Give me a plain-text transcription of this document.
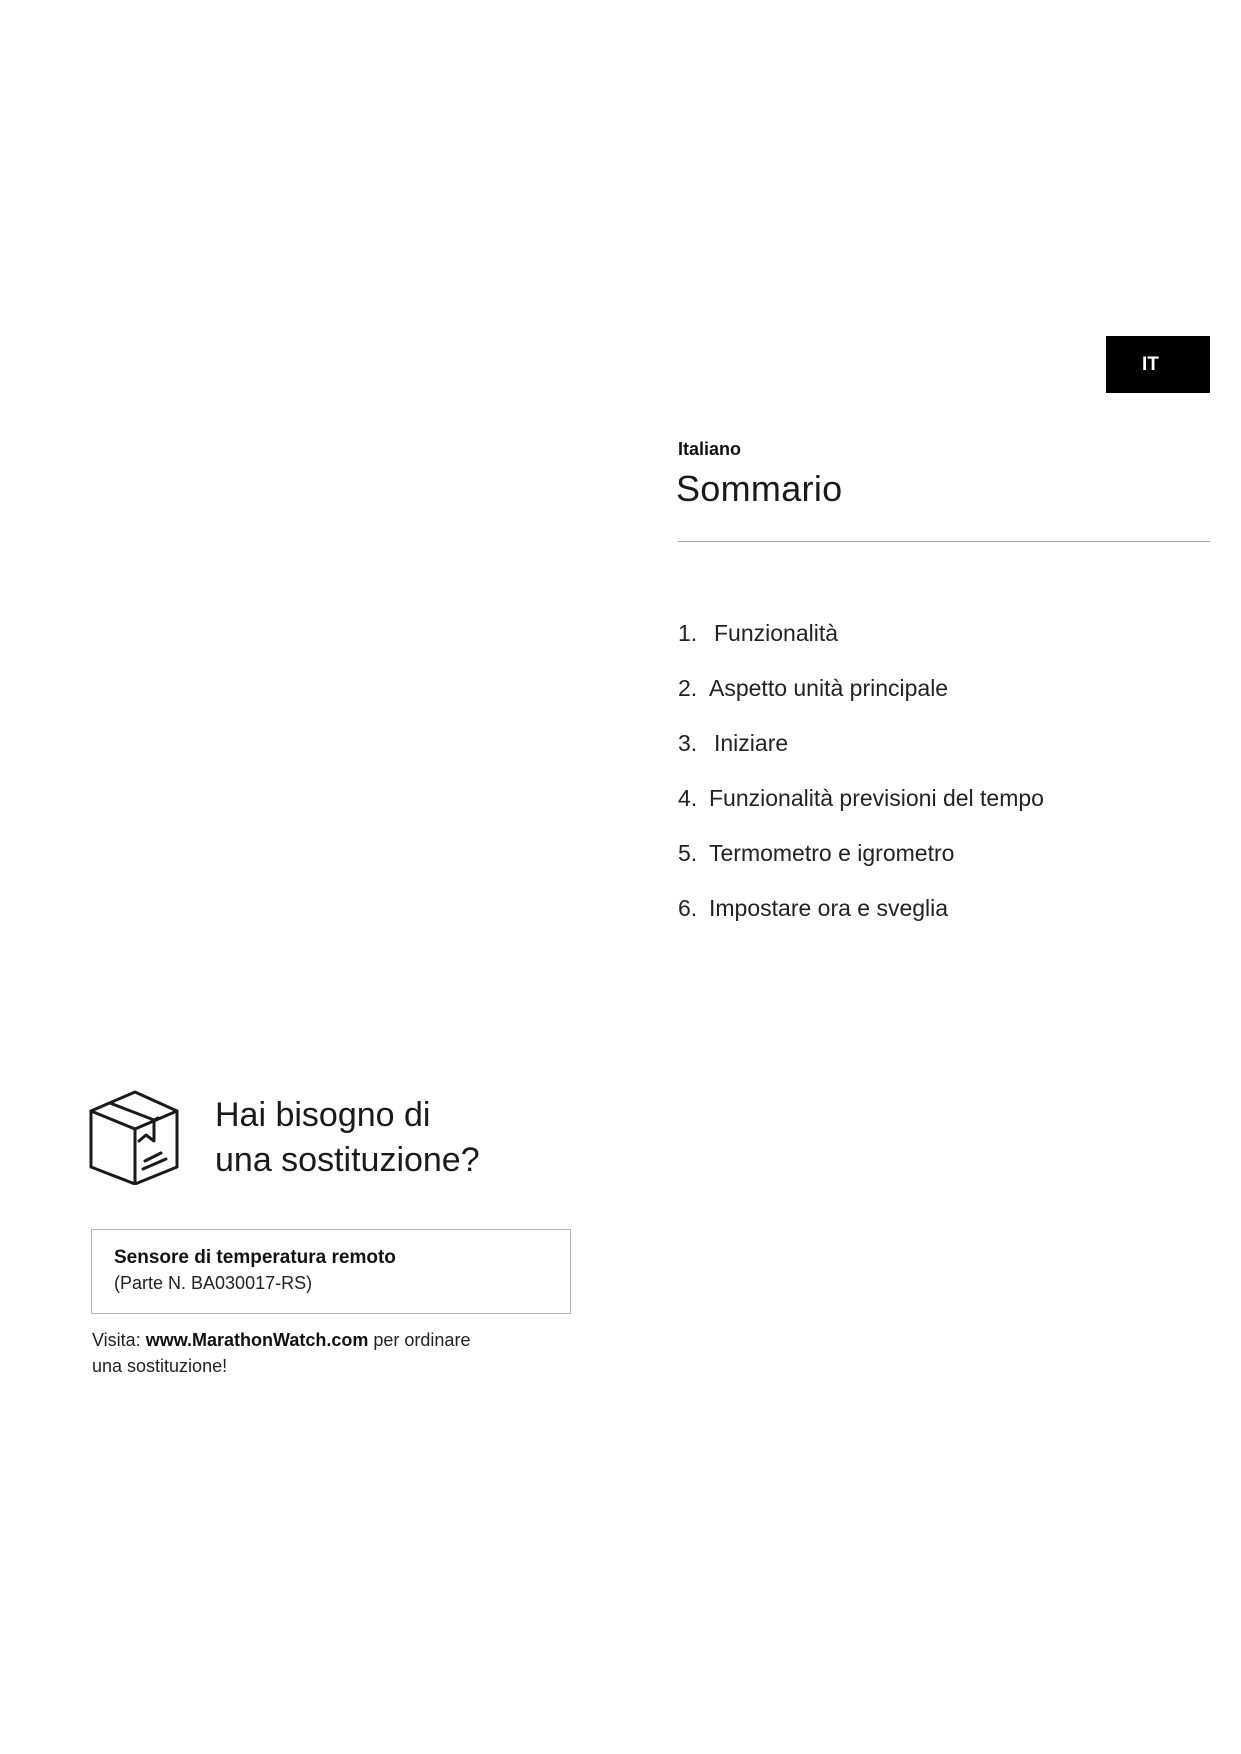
IT
Italiano
Sommario
1. Funzionalità
2. Aspetto unità principale
3. Iniziare
4. Funzionalità previsioni del tempo
5. Termometro e igrometro
6. Impostare ora e sveglia
Hai bisogno di
una sostituzione?
Sensore di temperatura remoto
(Parte N. BA030017-RS)
Visita: www.MarathonWatch.com per ordinare
una sostituzione!
